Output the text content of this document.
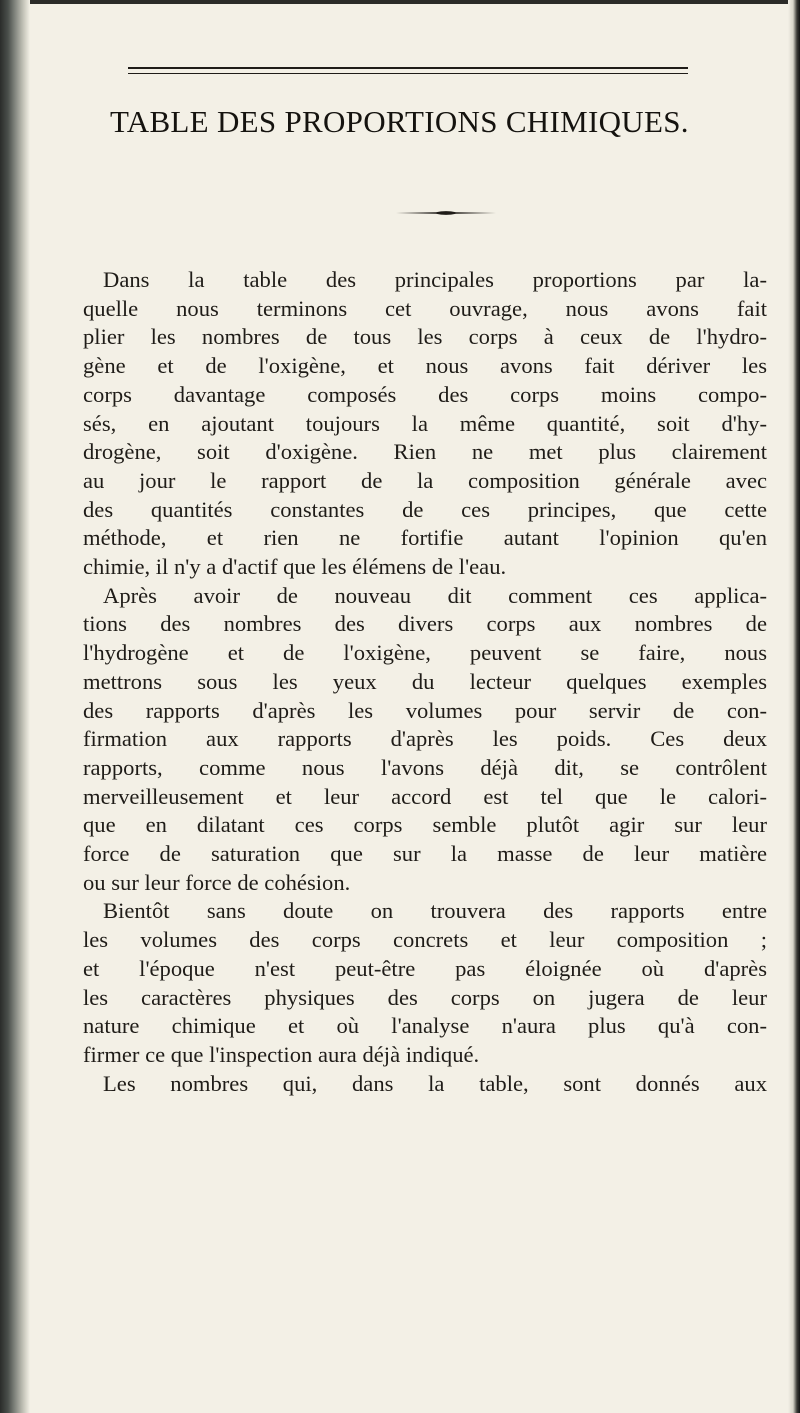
TABLE DES PROPORTIONS CHIMIQUES.
Dans la table des principales proportions par la-
quelle nous terminons cet ouvrage, nous avons fait
plier les nombres de tous les corps à ceux de l'hydro-
gène et de l'oxigène, et nous avons fait dériver les
corps davantage composés des corps moins compo-
sés, en ajoutant toujours la même quantité, soit d'hy-
drogène, soit d'oxigène. Rien ne met plus clairement
au jour le rapport de la composition générale avec
des quantités constantes de ces principes, que cette
méthode, et rien ne fortifie autant l'opinion qu'en
chimie, il n'y a d'actif que les élémens de l'eau.
Après avoir de nouveau dit comment ces applica-
tions des nombres des divers corps aux nombres de
l'hydrogène et de l'oxigène, peuvent se faire, nous
mettrons sous les yeux du lecteur quelques exemples
des rapports d'après les volumes pour servir de con-
firmation aux rapports d'après les poids. Ces deux
rapports, comme nous l'avons déjà dit, se contrôlent
merveilleusement et leur accord est tel que le calori-
que en dilatant ces corps semble plutôt agir sur leur
force de saturation que sur la masse de leur matière
ou sur leur force de cohésion.
Bientôt sans doute on trouvera des rapports entre
les volumes des corps concrets et leur composition ;
et l'époque n'est peut-être pas éloignée où d'après
les caractères physiques des corps on jugera de leur
nature chimique et où l'analyse n'aura plus qu'à con-
firmer ce que l'inspection aura déjà indiqué.
Les nombres qui, dans la table, sont donnés aux
